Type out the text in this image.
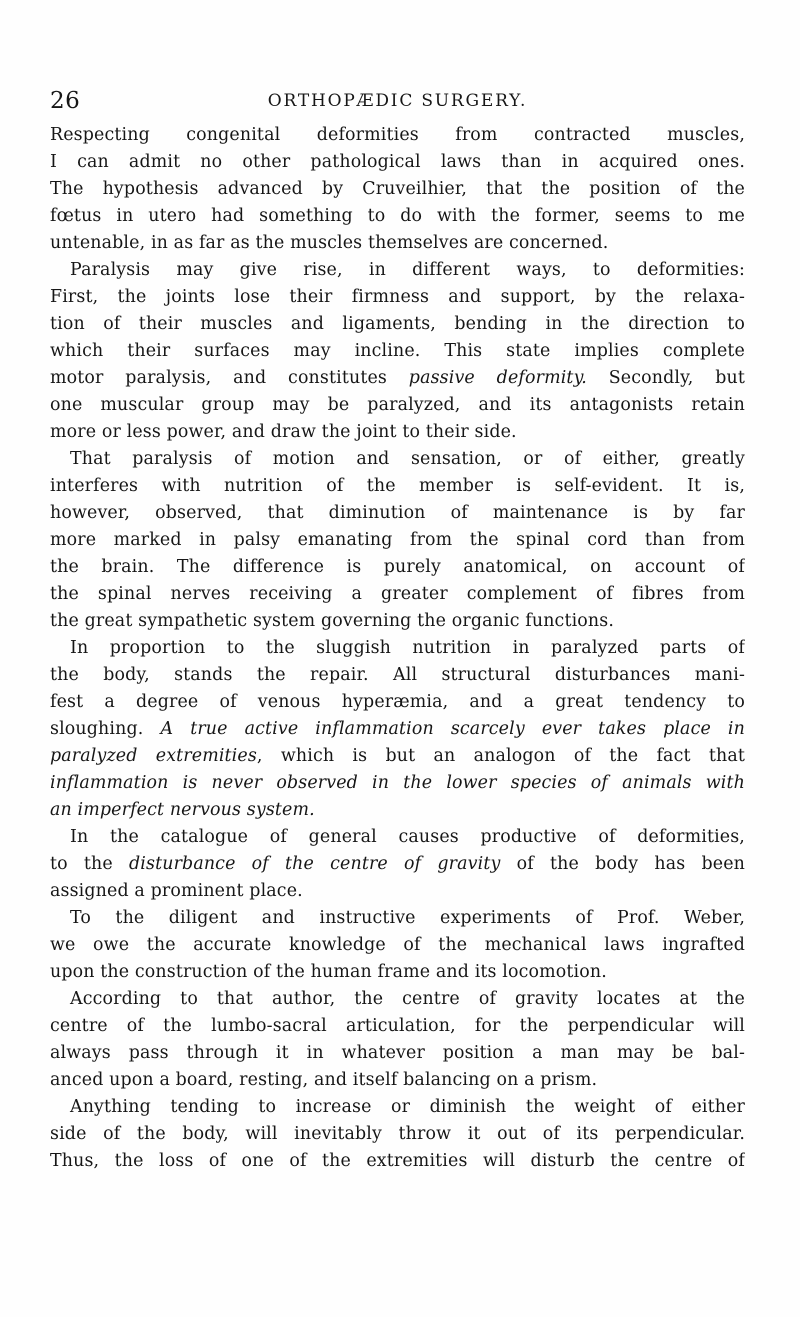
26	ORTHOPÆDIC SURGERY.
Respecting congenital deformities from contracted muscles,
I can admit no other pathological laws than in acquired ones.
The hypothesis advanced by Cruveilhier, that the position of the
fœtus in utero had something to do with the former, seems to me
untenable, in as far as the muscles themselves are concerned.
Paralysis may give rise, in different ways, to deformities:
First, the joints lose their firmness and support, by the relaxa-
tion of their muscles and ligaments, bending in the direction to
which their surfaces may incline. This state implies complete
motor paralysis, and constitutes passive deformity. Secondly, but
one muscular group may be paralyzed, and its antagonists retain
more or less power, and draw the joint to their side.
That paralysis of motion and sensation, or of either, greatly
interferes with nutrition of the member is self-evident. It is,
however, observed, that diminution of maintenance is by far
more marked in palsy emanating from the spinal cord than from
the brain. The difference is purely anatomical, on account of
the spinal nerves receiving a greater complement of fibres from
the great sympathetic system governing the organic functions.
In proportion to the sluggish nutrition in paralyzed parts of
the body, stands the repair. All structural disturbances mani-
fest a degree of venous hyperæmia, and a great tendency to
sloughing. A true active inflammation scarcely ever takes place in
paralyzed extremities, which is but an analogon of the fact that
inflammation is never observed in the lower species of animals with
an imperfect nervous system.
In the catalogue of general causes productive of deformities,
to the disturbance of the centre of gravity of the body has been
assigned a prominent place.
To the diligent and instructive experiments of Prof. Weber,
we owe the accurate knowledge of the mechanical laws ingrafted
upon the construction of the human frame and its locomotion.
According to that author, the centre of gravity locates at the
centre of the lumbo-sacral articulation, for the perpendicular will
always pass through it in whatever position a man may be bal-
anced upon a board, resting, and itself balancing on a prism.
Anything tending to increase or diminish the weight of either
side of the body, will inevitably throw it out of its perpendicular.
Thus, the loss of one of the extremities will disturb the centre of
